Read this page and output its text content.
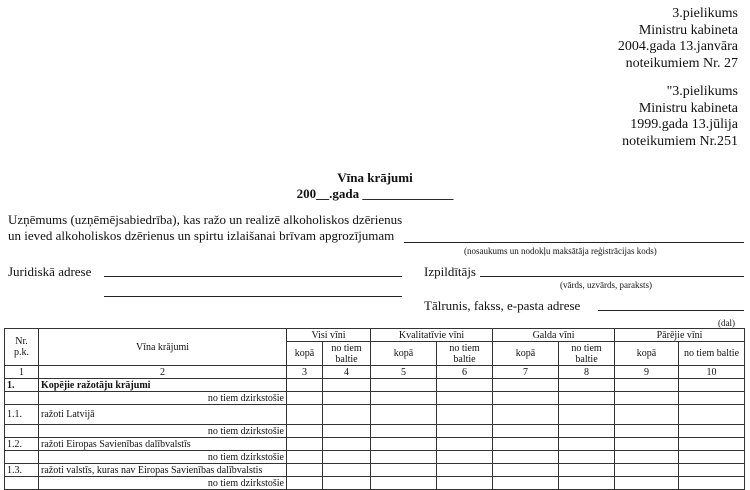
3.pielikums
Ministru kabineta
2004.gada 13.janvāra
noteikumiem Nr. 27
"3.pielikums
Ministru kabineta
1999.gada 13.jūlija
noteikumiem Nr.251
Vīna krājumi
200__.gada ______________
Uzņēmums (uzņēmējsabiedrība), kas ražo un realizē alkoholiskos dzērienus
un ieved alkoholiskos dzērienus un spirtu izlaišanai brīvam apgrozījumam
(nosaukums un nodokļu maksātāja reģistrācijas kods)
Juridiskā adrese	Izpildītājs
(vārds, uzvārds, paraksts)
Tālrunis, fakss, e-pasta adrese
(dal)
Nr. p.k.	Vīna krājumi	Visi vīni		Kvalitatīvie vīni		Galda vīni		Pārējie vīni	
		kopā	no tiem baltie	kopā	no tiem baltie	kopā	no tiem baltie	kopā	no tiem baltie
1	2	3	4	5	6	7	8	9	10
1.	Kopējie ražotāju krājumi								
	no tiem dzirkstošie								
1.1.	ražoti Latvijā								
	no tiem dzirkstošie								
1.2.	ražoti Eiropas Savienības dalībvalstīs								
	no tiem dzirkstošie								
1.3.	ražoti valstīs, kuras nav Eiropas Savienības dalībvalstis								
	no tiem dzirkstošie								
